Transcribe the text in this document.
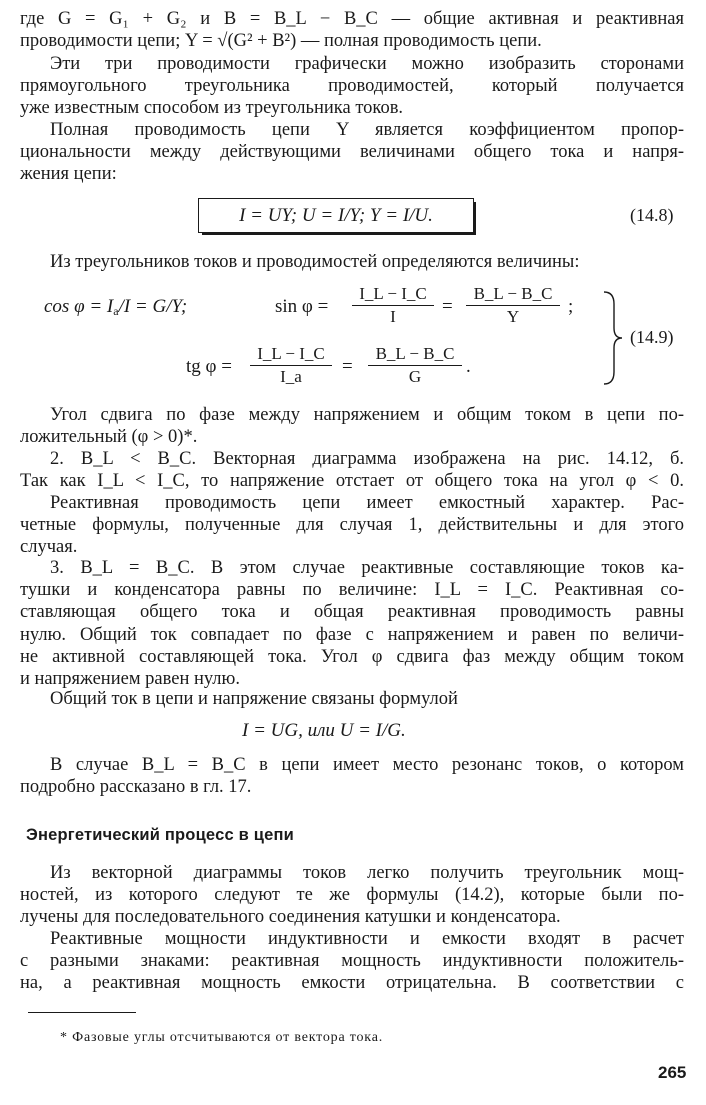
где G = G₁ + G₂ и B = B_L − B_C — общие активная и реактивная
проводимости цепи; Y = √(G² + B²) — полная проводимость цепи.
Эти три проводимости графически можно изобразить сторонами
прямоугольного треугольника проводимостей, который получается
уже известным способом из треугольника токов.
Полная проводимость цепи Y является коэффициентом пропор-
циональности между действующими величинами общего тока и напря-
жения цепи:
I = UY; U = I/Y; Y = I/U.	(14.8)
Из треугольников токов и проводимостей определяются величины:
$\cos \varphi = I_a/I = G/Y$;	$\sin \varphi = \frac{I\_L - I\_C}{I} = \frac{B\_L - B\_C}{Y}$ ;
tg $\varphi = \frac{I\_L - I\_C}{I\_a} = \frac{B\_L - B\_C}{G}$ .
(14.9)
Угол сдвига по фазе между напряжением и общим током в цепи по-
ложительный (φ > 0)*.
2. B_L < B_C. Векторная диаграмма изображена на рис. 14.12, б.
Так как I_L < I_C, то напряжение отстает от общего тока на угол φ < 0.
Реактивная проводимость цепи имеет емкостный характер. Рас-
четные формулы, полученные для случая 1, действительны и для этого
случая.
3. B_L = B_C. В этом случае реактивные составляющие токов ка-
тушки и конденсатора равны по величине: I_L = I_C. Реактивная со-
ставляющая общего тока и общая реактивная проводимость равны
нулю. Общий ток совпадает по фазе с напряжением и равен по величи-
не активной составляющей тока. Угол φ сдвига фаз между общим током
и напряжением равен нулю.
Общий ток в цепи и напряжение связаны формулой
I = UG, или U = I/G.
В случае B_L = B_C в цепи имеет место резонанс токов, о котором
подробно рассказано в гл. 17.
Энергетический процесс в цепи
Из векторной диаграммы токов легко получить треугольник мощ-
ностей, из которого следуют те же формулы (14.2), которые были по-
лучены для последовательного соединения катушки и конденсатора.
Реактивные мощности индуктивности и емкости входят в расчет
с разными знаками: реактивная мощность индуктивности положитель-
на, а реактивная мощность емкости отрицательна. В соответствии с
* Фазовые углы отсчитываются от вектора тока.
265
